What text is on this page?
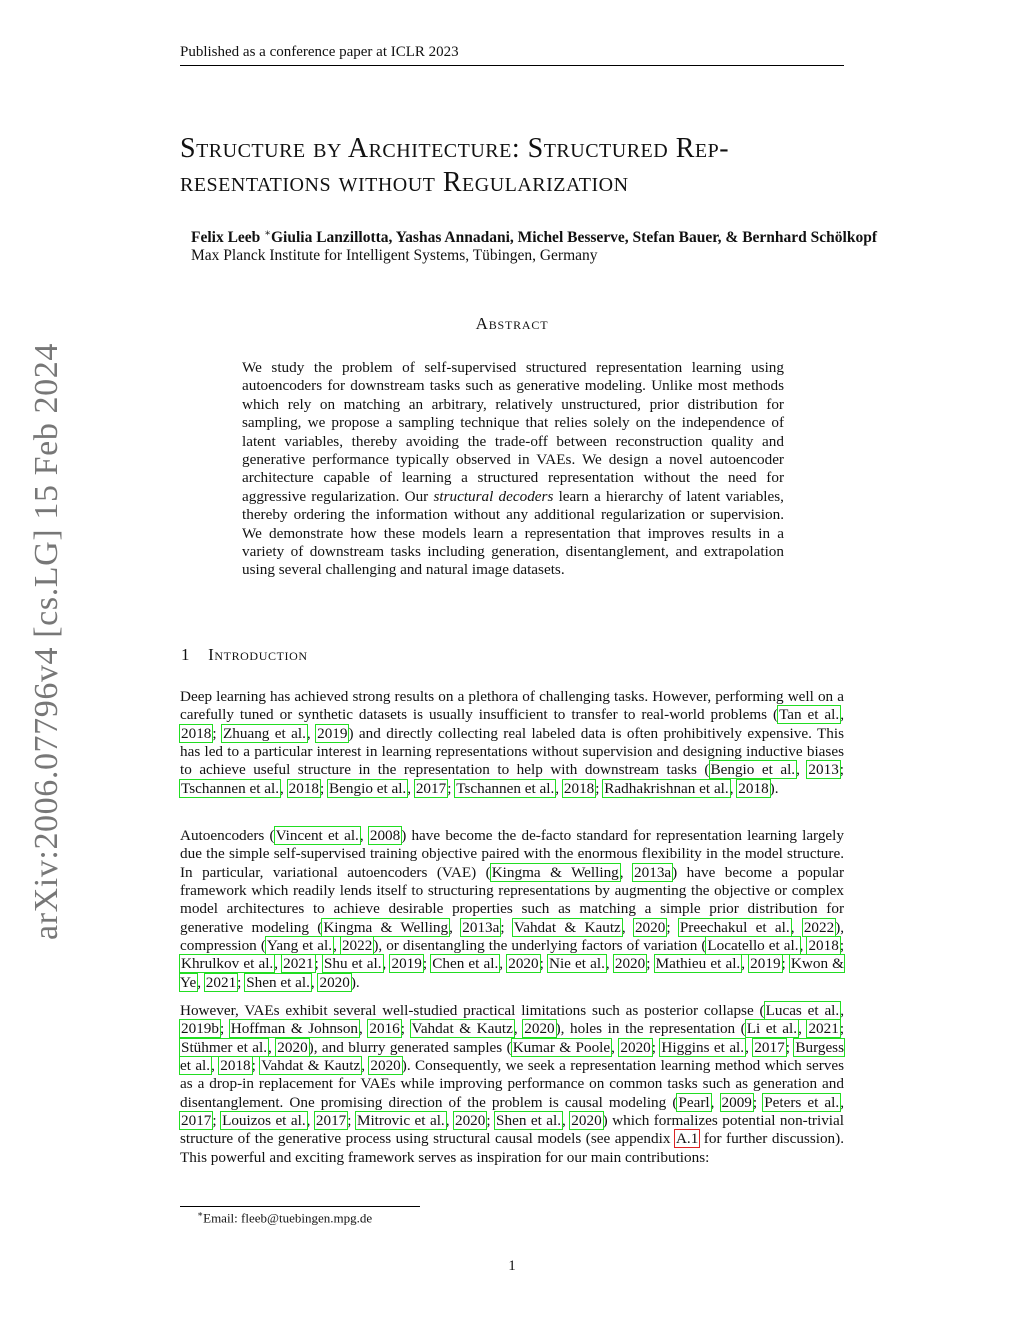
Published as a conference paper at ICLR 2023
Structure by Architecture: Structured Rep-
resentations without Regularization
Felix Leeb ∗Giulia Lanzillotta, Yashas Annadani, Michel Besserve, Stefan Bauer, & Bernhard Schölkopf
Max Planck Institute for Intelligent Systems, Tübingen, Germany
Abstract
We study the problem of self-supervised structured representation learning using autoencoders for downstream tasks such as generative modeling. Unlike most methods which rely on matching an arbitrary, relatively unstructured, prior distribution for sampling, we propose a sampling technique that relies solely on the independence of latent variables, thereby avoiding the trade-off between reconstruction quality and generative performance typically observed in VAEs. We design a novel autoencoder architecture capable of learning a structured representation without the need for aggressive regularization. Our structural decoders learn a hierarchy of latent variables, thereby ordering the information without any additional regularization or supervision. We demonstrate how these models learn a representation that improves results in a variety of downstream tasks including generation, disentanglement, and extrapolation using several challenging and natural image datasets.
1 Introduction
Deep learning has achieved strong results on a plethora of challenging tasks. However, performing well on a carefully tuned or synthetic datasets is usually insufficient to transfer to real-world problems (Tan et al., 2018; Zhuang et al., 2019) and directly collecting real labeled data is often prohibitively expensive. This has led to a particular interest in learning representations without supervision and designing inductive biases to achieve useful structure in the representation to help with downstream tasks (Bengio et al., 2013; Tschannen et al., 2018; Bengio et al., 2017; Tschannen et al., 2018; Radhakrishnan et al., 2018).
Autoencoders (Vincent et al., 2008) have become the de-facto standard for representation learning largely due the simple self-supervised training objective paired with the enormous flexibility in the model structure. In particular, variational autoencoders (VAE) (Kingma & Welling, 2013a) have become a popular framework which readily lends itself to structuring representations by augmenting the objective or complex model architectures to achieve desirable properties such as matching a simple prior distribution for generative modeling (Kingma & Welling, 2013a; Vahdat & Kautz, 2020; Preechakul et al., 2022), compression (Yang et al., 2022), or disentangling the underlying factors of variation (Locatello et al., 2018; Khrulkov et al., 2021; Shu et al., 2019; Chen et al., 2020; Nie et al., 2020; Mathieu et al., 2019; Kwon & Ye, 2021; Shen et al., 2020).
However, VAEs exhibit several well-studied practical limitations such as posterior collapse (Lucas et al., 2019b; Hoffman & Johnson, 2016; Vahdat & Kautz, 2020), holes in the representation (Li et al., 2021; Stühmer et al., 2020), and blurry generated samples (Kumar & Poole, 2020; Higgins et al., 2017; Burgess et al., 2018; Vahdat & Kautz, 2020). Consequently, we seek a representation learning method which serves as a drop-in replacement for VAEs while improving performance on common tasks such as generation and disentanglement. One promising direction of the problem is causal modeling (Pearl, 2009; Peters et al., 2017; Louizos et al., 2017; Mitrovic et al., 2020; Shen et al., 2020) which formalizes potential non-trivial structure of the generative process using structural causal models (see appendix A.1 for further discussion). This powerful and exciting framework serves as inspiration for our main contributions:
∗Email: fleeb@tuebingen.mpg.de
1
arXiv:2006.07796v4 [cs.LG] 15 Feb 2024
